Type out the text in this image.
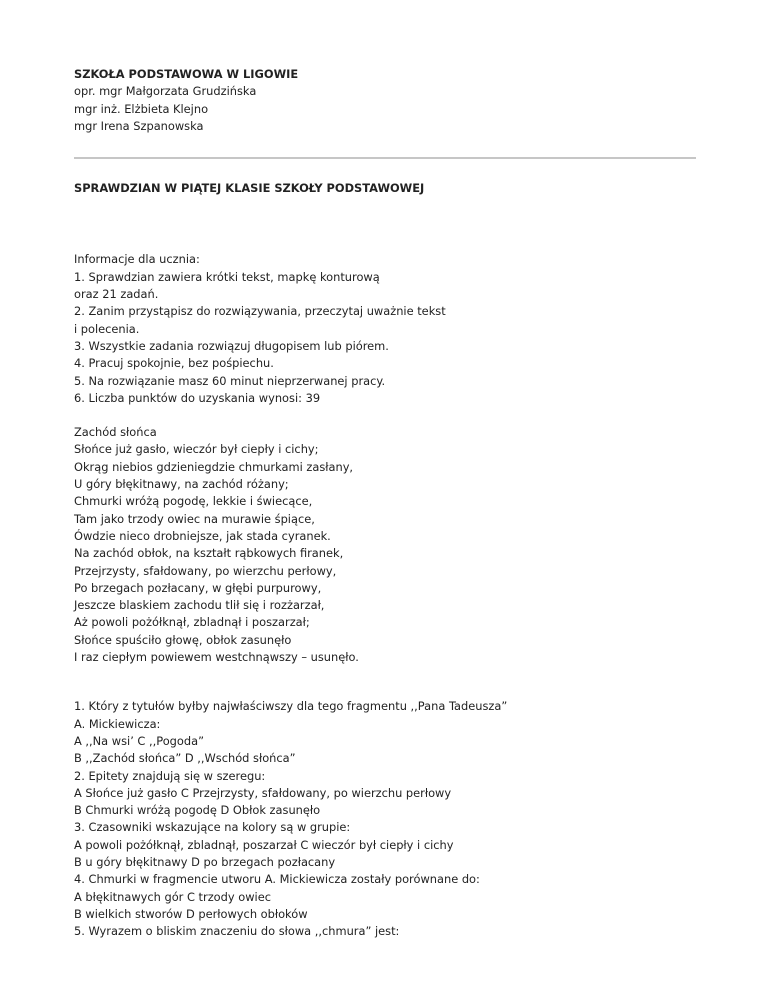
SZKOŁA PODSTAWOWA W LIGOWIE

opr. mgr Małgorzata Grudzińska

mgr inż. Elżbieta Klejno

mgr Irena Szpanowska

SPRAWDZIAN W PIĄTEJ KLASIE SZKOŁY PODSTAWOWEJ

Informacje dla ucznia:

1. Sprawdzian zawiera krótki tekst, mapkę konturową

oraz 21 zadań.

2. Zanim przystąpisz do rozwiązywania, przeczytaj uważnie tekst

i polecenia.

3. Wszystkie zadania rozwiązuj długopisem lub piórem.

4. Pracuj spokojnie, bez pośpiechu.

5. Na rozwiązanie masz 60 minut nieprzerwanej pracy.

6. Liczba punktów do uzyskania wynosi: 39

Zachód słońca

Słońce już gasło, wieczór był ciepły i cichy;

Okrąg niebios gdzieniegdzie chmurkami zasłany,

U góry błękitnawy, na zachód różany;

Chmurki wróżą pogodę, lekkie i świecące,

Tam jako trzody owiec na murawie śpiące,

Ówdzie nieco drobniejsze, jak stada cyranek.

Na zachód obłok, na kształt rąbkowych firanek,

Przejrzysty, sfałdowany, po wierzchu perłowy,

Po brzegach pozłacany, w głębi purpurowy,

Jeszcze blaskiem zachodu tlił się i rozżarzał,

Aż powoli pożółknął, zbladnął i poszarzał;

Słońce spuściło głowę, obłok zasunęło

I raz ciepłym powiewem westchnąwszy – usunęło.

1. Który z tytułów byłby najwłaściwszy dla tego fragmentu ,,Pana Tadeusza”

A. Mickiewicza:

A ,,Na wsi’ C ,,Pogoda”

B ,,Zachód słońca” D ,,Wschód słońca”

2. Epitety znajdują się w szeregu:

A Słońce już gasło C Przejrzysty, sfałdowany, po wierzchu perłowy

B Chmurki wróżą pogodę D Obłok zasunęło

3. Czasowniki wskazujące na kolory są w grupie:

A powoli pożółknął, zbladnął, poszarzał C wieczór był ciepły i cichy

B u góry błękitnawy D po brzegach pozłacany

4. Chmurki w fragmencie utworu A. Mickiewicza zostały porównane do:

A błękitnawych gór C trzody owiec

B wielkich stworów D perłowych obłoków

5. Wyrazem o bliskim znaczeniu do słowa ,,chmura” jest:
